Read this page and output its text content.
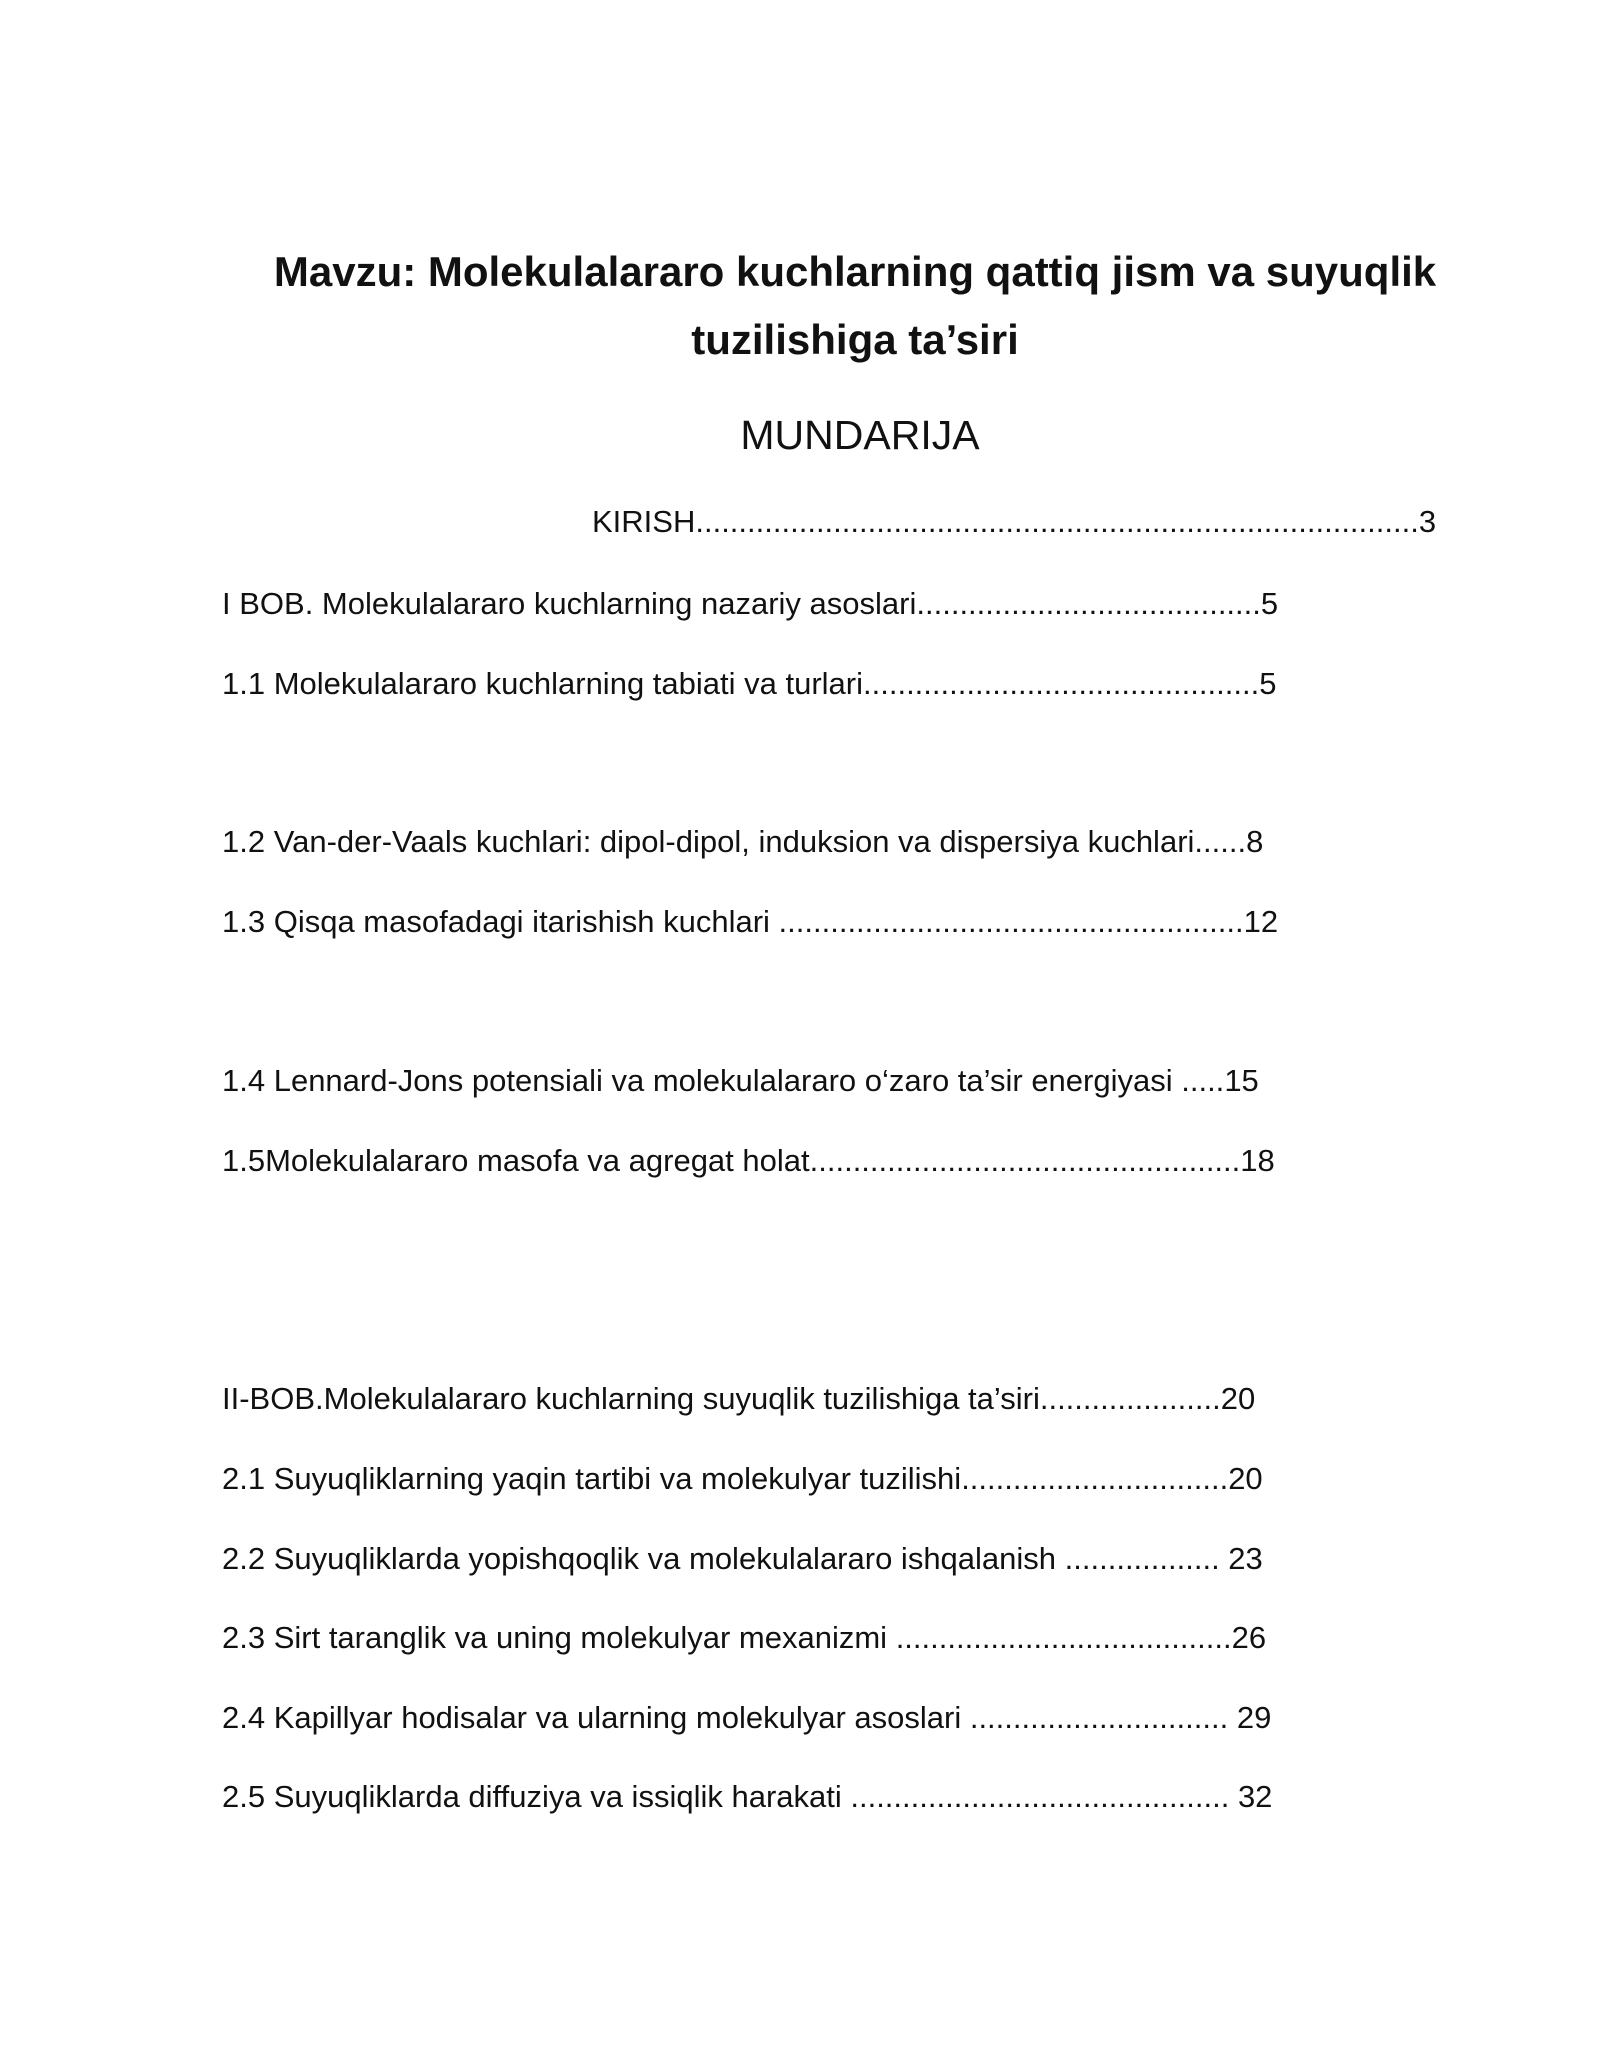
Mavzu: Molekulalararo kuchlarning qattiq jism va suyuqlik
tuzilishiga ta’siri
MUNDARIJA

KIRISH....................................................................................3

I BOB. Molekulalararo kuchlarning nazariy asoslari........................................5

1.1 Molekulalararo kuchlarning tabiati va turlari..............................................5

1.2 Van-der-Vaals kuchlari: dipol-dipol, induksion va dispersiya kuchlari......8

1.3 Qisqa masofadagi itarishish kuchlari ......................................................12

1.4 Lennard-Jons potensiali va molekulalararo o‘zaro ta’sir energiyasi .....15

1.5Molekulalararo masofa va agregat holat..................................................18

II-BOB.Molekulalararo kuchlarning suyuqlik tuzilishiga ta’siri.....................20

2.1 Suyuqliklarning yaqin tartibi va molekulyar tuzilishi...............................20

2.2 Suyuqliklarda yopishqoqlik va molekulalararo ishqalanish .................. 23

2.3 Sirt taranglik va uning molekulyar mexanizmi .......................................26

2.4 Kapillyar hodisalar va ularning molekulyar asoslari .............................. 29

2.5 Suyuqliklarda diffuziya va issiqlik harakati ............................................ 32
